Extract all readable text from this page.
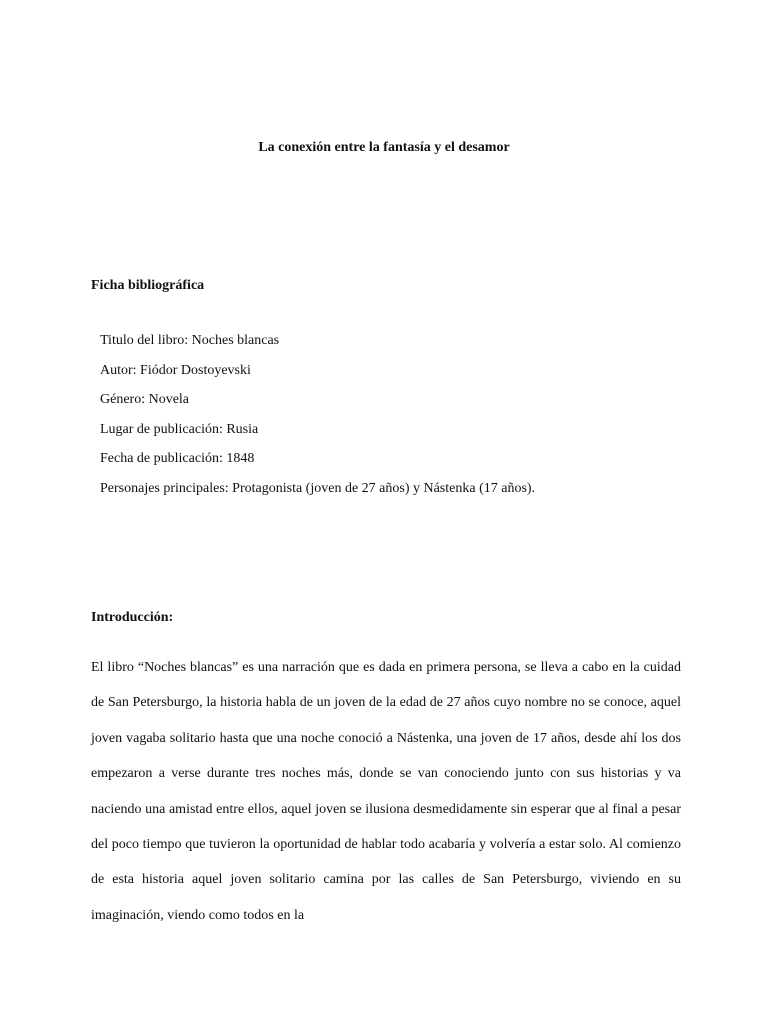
La conexión entre la fantasía y el desamor
Ficha bibliográfica
Titulo del libro: Noches blancas
Autor: Fiódor Dostoyevski
Género: Novela
Lugar de publicación: Rusia
Fecha de publicación: 1848
Personajes principales: Protagonista (joven de 27 años) y Nástenka (17 años).
Introducción:

El libro “Noches blancas” es una narración que es dada en primera persona, se lleva a cabo en la cuidad de San Petersburgo, la historia habla de un joven de la edad de 27 años cuyo nombre no se conoce, aquel joven vagaba solitario hasta que una noche conoció a Nástenka, una joven de 17 años, desde ahí los dos empezaron a verse durante tres noches más, donde se van conociendo junto con sus historias y va naciendo una amistad entre ellos, aquel joven se ilusiona desmedidamente sin esperar que al final a pesar del poco tiempo que tuvieron la oportunidad de hablar todo acabaría y volvería a estar solo. Al comienzo de esta historia aquel joven solitario camina por las calles de San Petersburgo, viviendo en su imaginación, viendo como todos en la
